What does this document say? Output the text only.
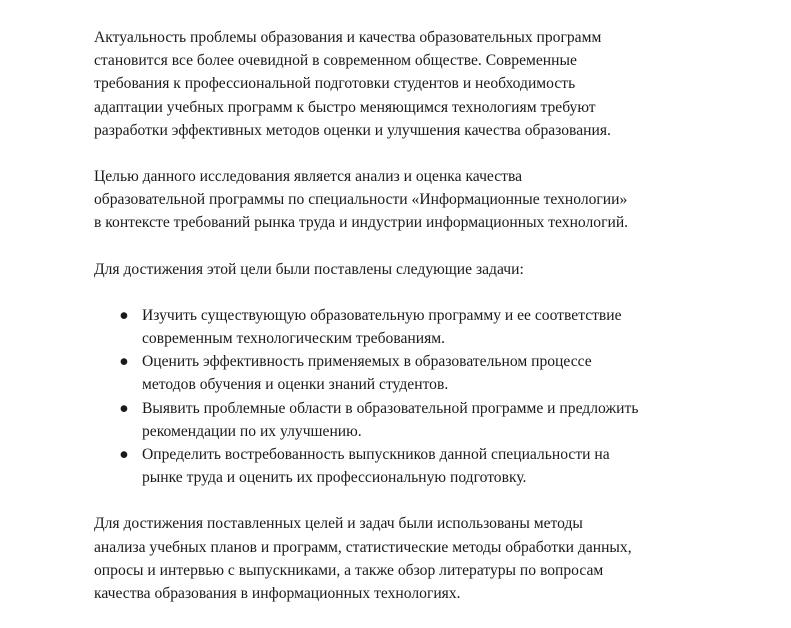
Актуальность проблемы образования и качества образовательных программ
становится все более очевидной в современном обществе. Современные
требования к профессиональной подготовки студентов и необходимость
адаптации учебных программ к быстро меняющимся технологиям требуют
разработки эффективных методов оценки и улучшения качества образования.

Целью данного исследования является анализ и оценка качества
образовательной программы по специальности «Информационные технологии»
в контексте требований рынка труда и индустрии информационных технологий.

Для достижения этой цели были поставлены следующие задачи:

● Изучить существующую образовательную программу и ее соответствие
современным технологическим требованиям.
● Оценить эффективность применяемых в образовательном процессе
методов обучения и оценки знаний студентов.
● Выявить проблемные области в образовательной программе и предложить
рекомендации по их улучшению.
● Определить востребованность выпускников данной специальности на
рынке труда и оценить их профессиональную подготовку.

Для достижения поставленных целей и задач были использованы методы
анализа учебных планов и программ, статистические методы обработки данных,
опросы и интервью с выпускниками, а также обзор литературы по вопросам
качества образования в информационных технологиях.
